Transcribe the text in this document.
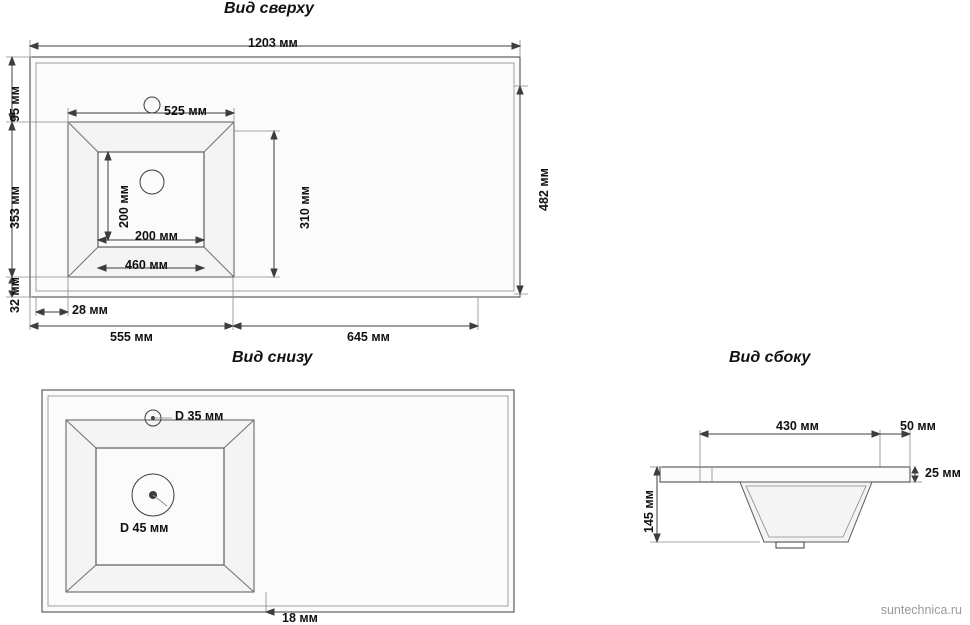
Вид сверху
Вид снизу	Вид сбоку
1203 мм
525 мм
460 мм
200 мм
200 мм	310 мм	482 мм
95 мм
353 мм
32 мм	28 мм
555 мм	645 мм
D 35 мм
D 45 мм
18 мм
430 мм	50 мм
145 мм
25 мм
suntechnica.ru
